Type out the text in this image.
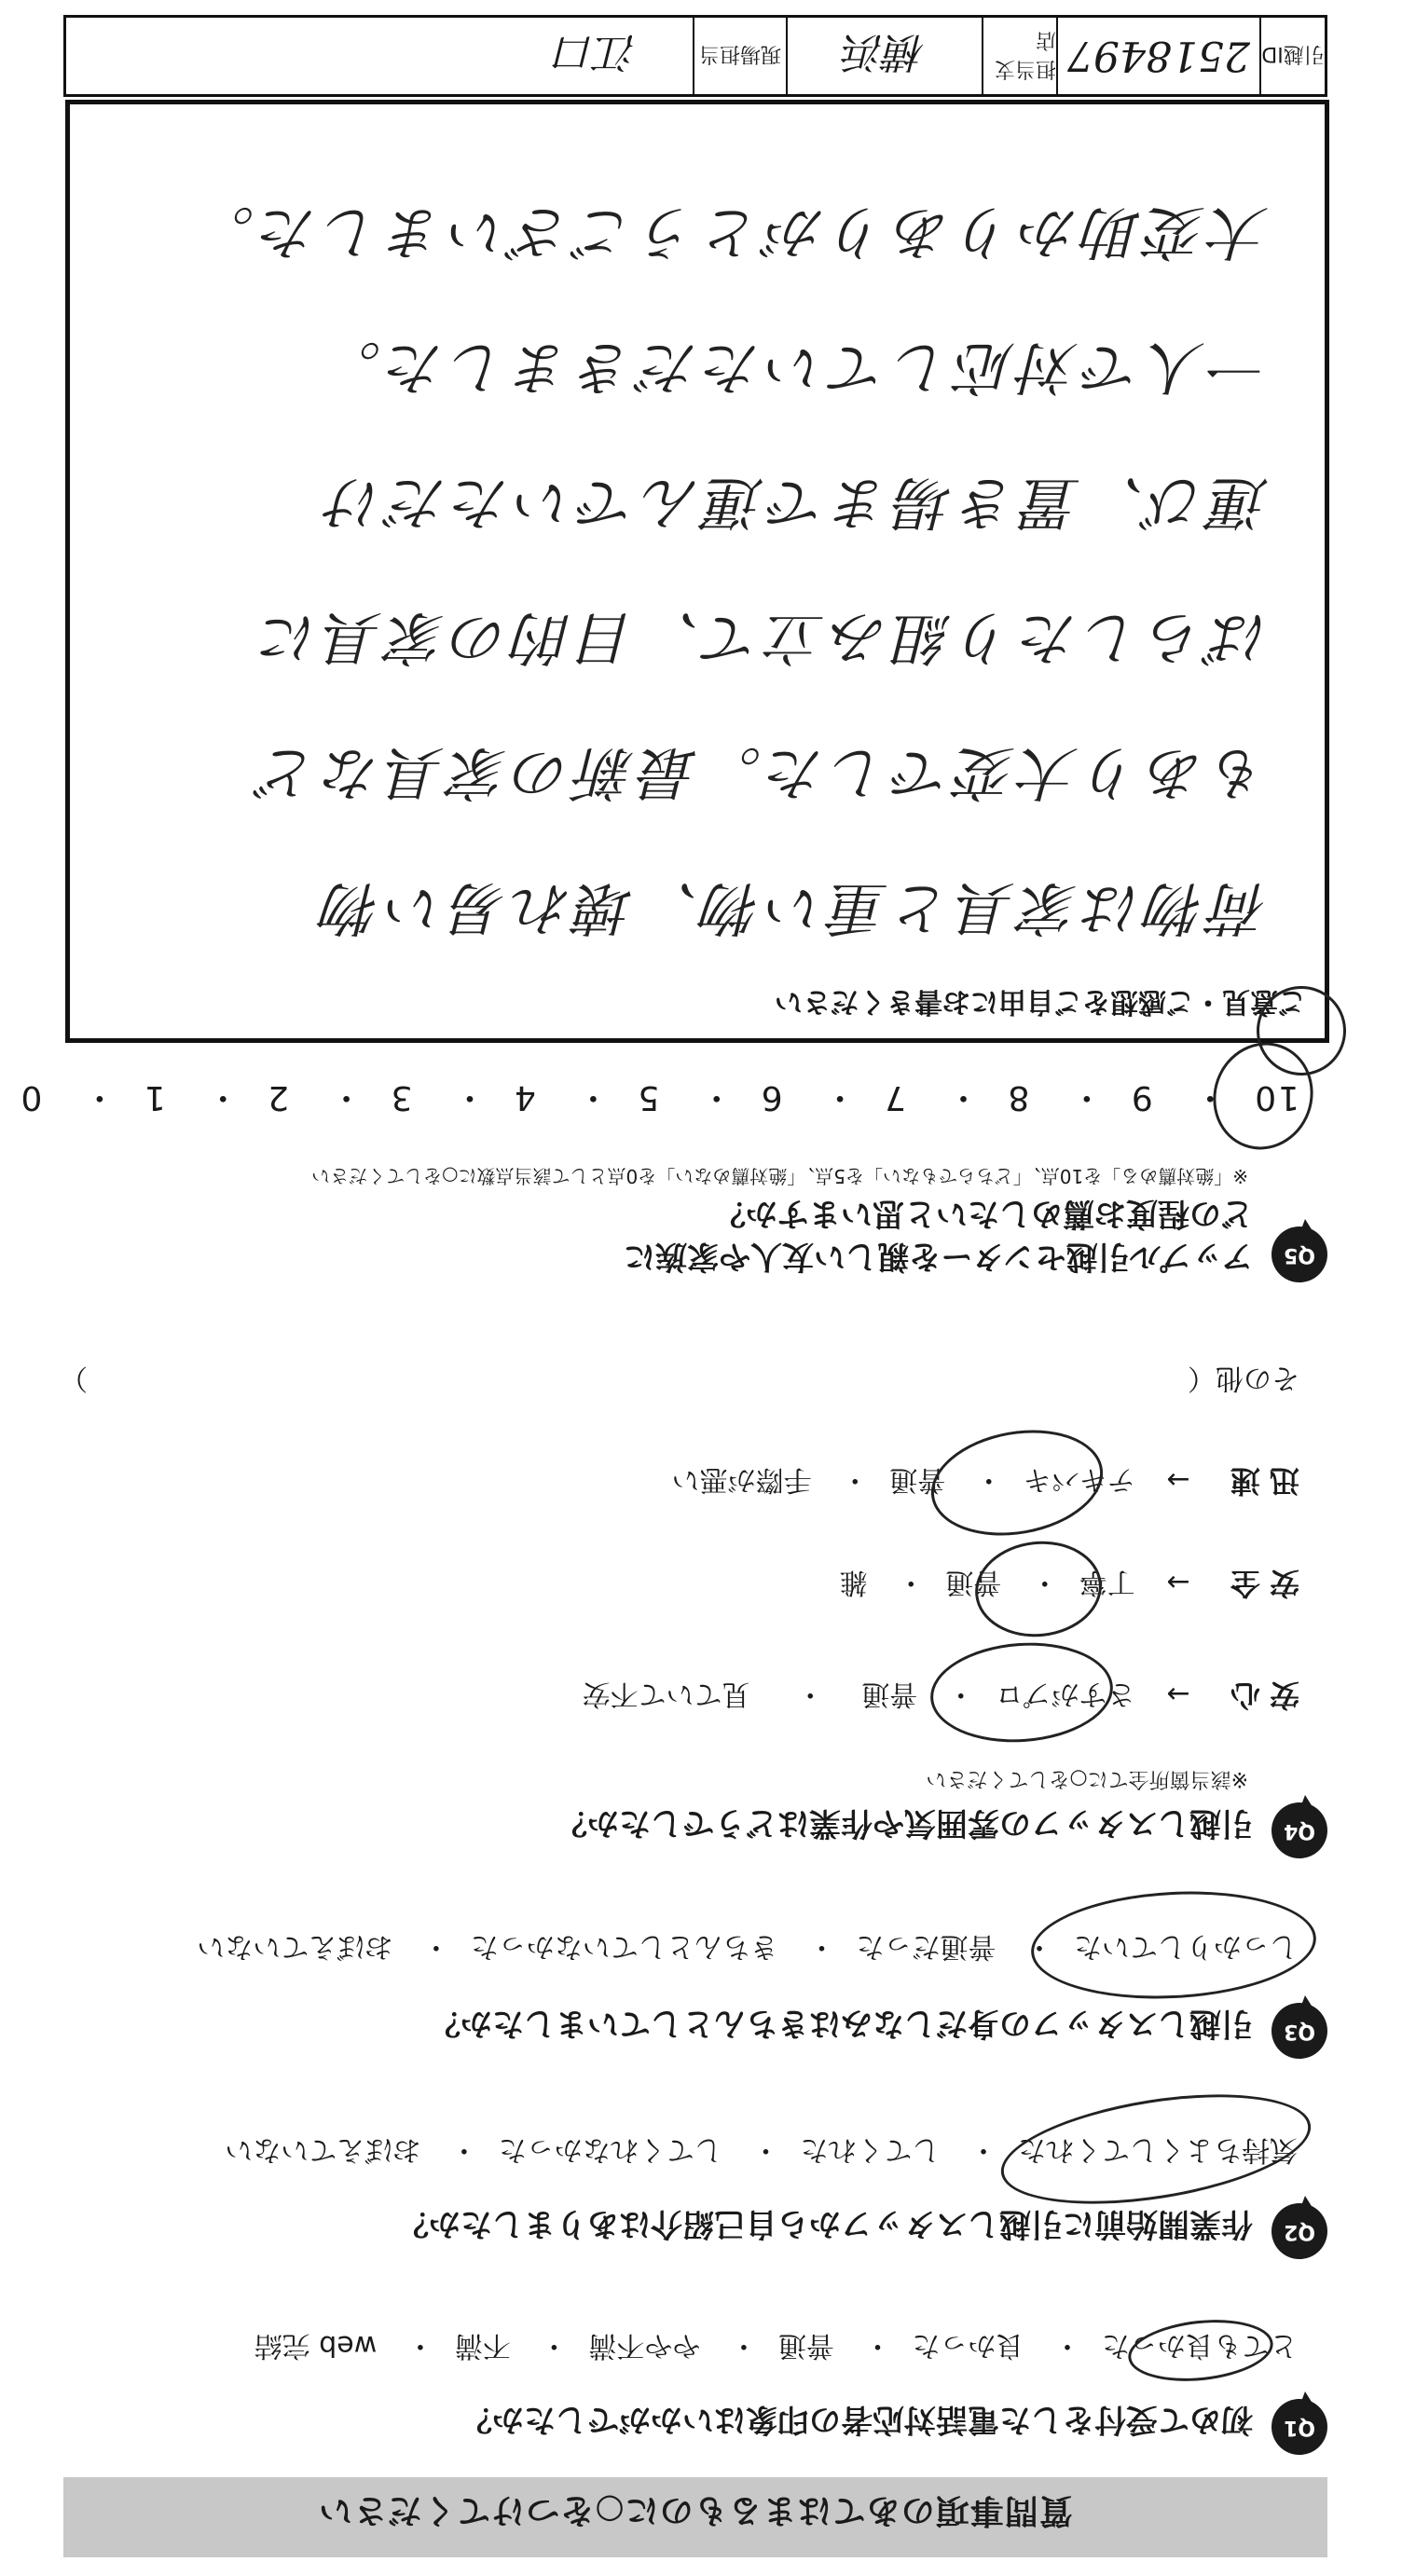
質問事項のあてはまるものに○をつけてください
Q1
初めて受付をした電話対応者の印象はいかがでしたか？
とても良かった・ 良かった・ 普通・ やや不満・ 不満・ web 完結
Q2
作業開始前に引越しスタッフから自己紹介はありましたか？
気持ちよくしてくれた・ してくれた・ してくれなかった・ おぼえていない
Q3
引越しスタッフの身だしなみはきちんとしていましたか？
しっかりしていた・ 普通だった・ きちんとしていなかった・ おぼえていない
Q4
引越しスタッフの雰囲気や作業はどうでしたか？
※該当箇所全てに○をしてください
安心 → さすがプロ・ 普通・ 見ていて不安
安全 → 丁寧・ 普通・ 雑
迅速 → テキパキ・ 普通・ 手際が悪い
その他（
）
Q5
アップル引越センターを親しい友人や家族に
どの程度お薦めしたいと思いますか？
※「絶対薦める」を10点、「どちらでもない」を5点、「絶対薦めない」を0点として該当点数に○をしてください
10・ 9・ 8・ 7・ 6・ 5・ 4・ 3・ 2・ 1・ 0
ご意見・ご感想をご自由にお書きください
荷物は家具と重い物、壊れ易い物
もあり大変でした。最新の家具など
ばらしたり組み立て、目的の家具に
運び、置き場まで運んでいただけ
一人で対応していただきました。
大変助かりありがとうございました。
引越ID
2518497
担当支店
横浜
現場担当
江口
